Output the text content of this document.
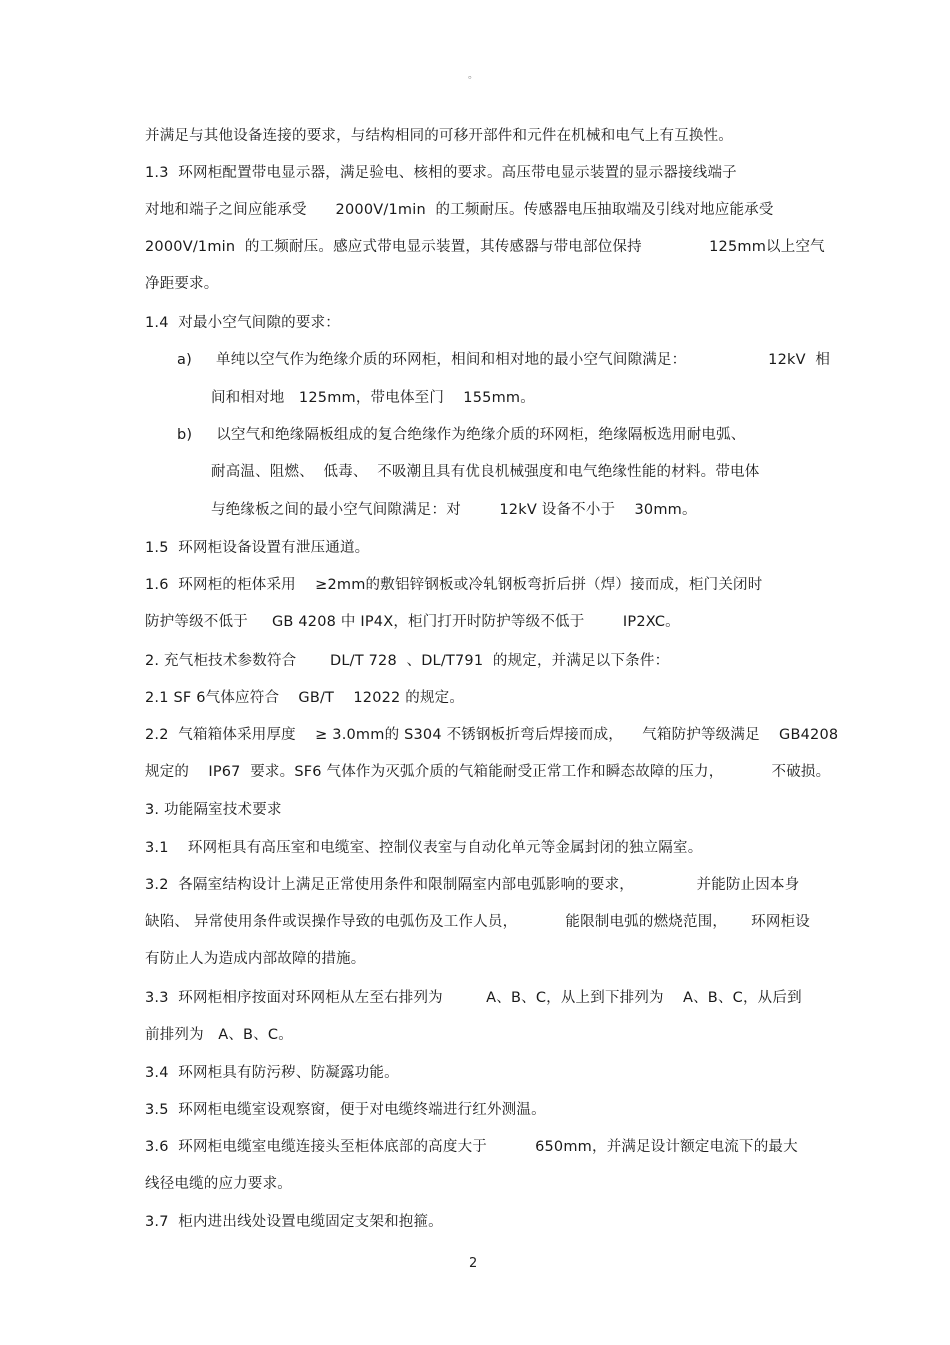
。
并满足与其他设备连接的要求，与结构相同的可移开部件和元件在机械和电气上有互换性。
1.3  环网柜配置带电显示器，满足验电、核相的要求。高压带电显示装置的显示器接线端子
对地和端子之间应能承受      2000V/1min  的工频耐压。传感器电压抽取端及引线对地应能承受
2000V/1min  的工频耐压。感应式带电显示装置，其传感器与带电部位保持              125mm以上空气
净距要求。
1.4  对最小空气间隙的要求：
a)     单纯以空气作为绝缘介质的环网柜，相间和相对地的最小空气间隙满足：                 12kV  相
间和相对地   125mm，带电体至门    155mm。
b)     以空气和绝缘隔板组成的复合绝缘作为绝缘介质的环网柜，绝缘隔板选用耐电弧、
耐高温、阻燃、  低毒、  不吸潮且具有优良机械强度和电气绝缘性能的材料。带电体
与绝缘板之间的最小空气间隙满足：对        12kV 设备不小于    30mm。
1.5  环网柜设备设置有泄压通道。
1.6  环网柜的柜体采用    ≥2mm的敷铝锌钢板或冷轧钢板弯折后拼（焊）接而成，柜门关闭时
防护等级不低于     GB 4208 中 IP4X，柜门打开时防护等级不低于        IP2XC。
2. 充气柜技术参数符合       DL/T 728  、DL/T791  的规定，并满足以下条件：
2.1 SF 6气体应符合    GB/T    12022 的规定。
2.2  气箱箱体采用厚度    ≥ 3.0mm的 S304 不锈钢板折弯后焊接而成，    气箱防护等级满足    GB4208
规定的    IP67  要求。SF6 气体作为灭弧介质的气箱能耐受正常工作和瞬态故障的压力，          不破损。
3. 功能隔室技术要求
3.1    环网柜具有高压室和电缆室、控制仪表室与自动化单元等金属封闭的独立隔室。
3.2  各隔室结构设计上满足正常使用条件和限制隔室内部电弧影响的要求，             并能防止因本身
缺陷、 异常使用条件或误操作导致的电弧伤及工作人员，          能限制电弧的燃烧范围，     环网柜设
有防止人为造成内部故障的措施。
3.3  环网柜相序按面对环网柜从左至右排列为         A、B、C，从上到下排列为    A、B、C，从后到
前排列为   A、B、C。
3.4  环网柜具有防污秽、防凝露功能。
3.5  环网柜电缆室设观察窗，便于对电缆终端进行红外测温。
3.6  环网柜电缆室电缆连接头至柜体底部的高度大于          650mm，并满足设计额定电流下的最大
线径电缆的应力要求。
3.7  柜内进出线处设置电缆固定支架和抱箍。
2
